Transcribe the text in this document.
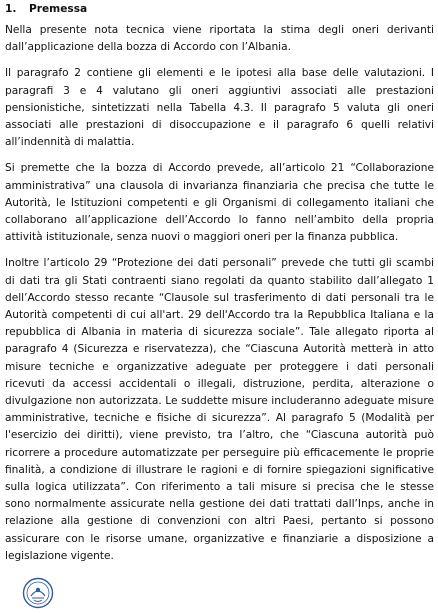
1.	Premessa

Nella presente nota tecnica viene riportata la stima degli oneri derivanti dall’applicazione della bozza di Accordo con l’Albania.

Il paragrafo 2 contiene gli elementi e le ipotesi alla base delle valutazioni. I paragrafi 3 e 4 valutano gli oneri aggiuntivi associati alle prestazioni pensionistiche, sintetizzati nella Tabella 4.3. Il paragrafo 5 valuta gli oneri associati alle prestazioni di disoccupazione e il paragrafo 6 quelli relativi all’indennità di malattia.

Si premette che la bozza di Accordo prevede, all’articolo 21 “Collaborazione amministrativa” una clausola di invarianza finanziaria che precisa che tutte le Autorità, le Istituzioni competenti e gli Organismi di collegamento italiani che collaborano all’applicazione dell’Accordo lo fanno nell’ambito della propria attività istituzionale, senza nuovi o maggiori oneri per la finanza pubblica.

Inoltre l’articolo 29 “Protezione dei dati personali” prevede che tutti gli scambi di dati tra gli Stati contraenti siano regolati da quanto stabilito dall’allegato 1 dell’Accordo stesso recante “Clausole sul trasferimento di dati personali tra le Autorità competenti di cui all'art. 29 dell'Accordo tra la Repubblica Italiana e la repubblica di Albania in materia di sicurezza sociale”. Tale allegato riporta al paragrafo 4 (Sicurezza e riservatezza), che “Ciascuna Autorità metterà in atto misure tecniche e organizzative adeguate per proteggere i dati personali ricevuti da accessi accidentali o illegali, distruzione, perdita, alterazione o divulgazione non autorizzata. Le suddette misure includeranno adeguate misure amministrative, tecniche e fisiche di sicurezza”. Al paragrafo 5 (Modalità per l'esercizio dei diritti), viene previsto, tra l’altro, che “Ciascuna autorità può ricorrere a procedure automatizzate per perseguire più efficacemente le proprie finalità, a condizione di illustrare le ragioni e di fornire spiegazioni significative sulla logica utilizzata”. Con riferimento a tali misure si precisa che le stesse sono normalmente assicurate nella gestione dei dati trattati dall’Inps, anche in relazione alla gestione di convenzioni con altri Paesi, pertanto si possono assicurare con le risorse umane, organizzative e finanziarie a disposizione a legislazione vigente.
